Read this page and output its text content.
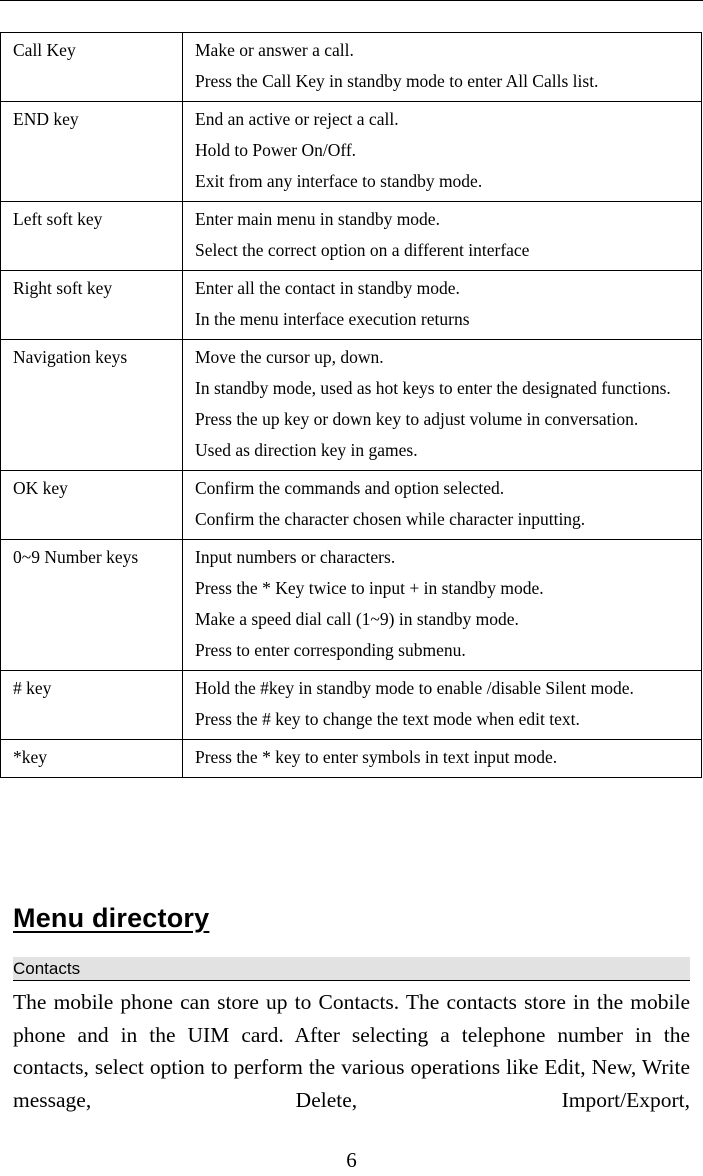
Call Key	Make or answer a call.
Press the Call Key in standby mode to enter All Calls list.

END key	End an active or reject a call.
Hold to Power On/Off.
Exit from any interface to standby mode.

Left soft key	Enter main menu in standby mode.
Select the correct option on a different interface

Right soft key	Enter all the contact in standby mode.
In the menu interface execution returns

Navigation keys	Move the cursor up, down.
In standby mode, used as hot keys to enter the designated functions.
Press the up key or down key to adjust volume in conversation.
Used as direction key in games.

OK key	Confirm the commands and option selected.
Confirm the character chosen while character inputting.

0~9 Number keys	Input numbers or characters.
Press the * Key twice to input + in standby mode.
Make a speed dial call (1~9) in standby mode.
Press to enter corresponding submenu.

# key	Hold the #key in standby mode to enable /disable Silent mode.
Press the # key to change the text mode when edit text.

*key	Press the * key to enter symbols in text input mode.
Menu directory
Contacts
The mobile phone can store up to Contacts. The contacts store in the mobile phone and in the UIM card. After selecting a telephone number in the contacts, select option to perform the various operations like Edit, New, Write message, Delete, Import/Export,
6
